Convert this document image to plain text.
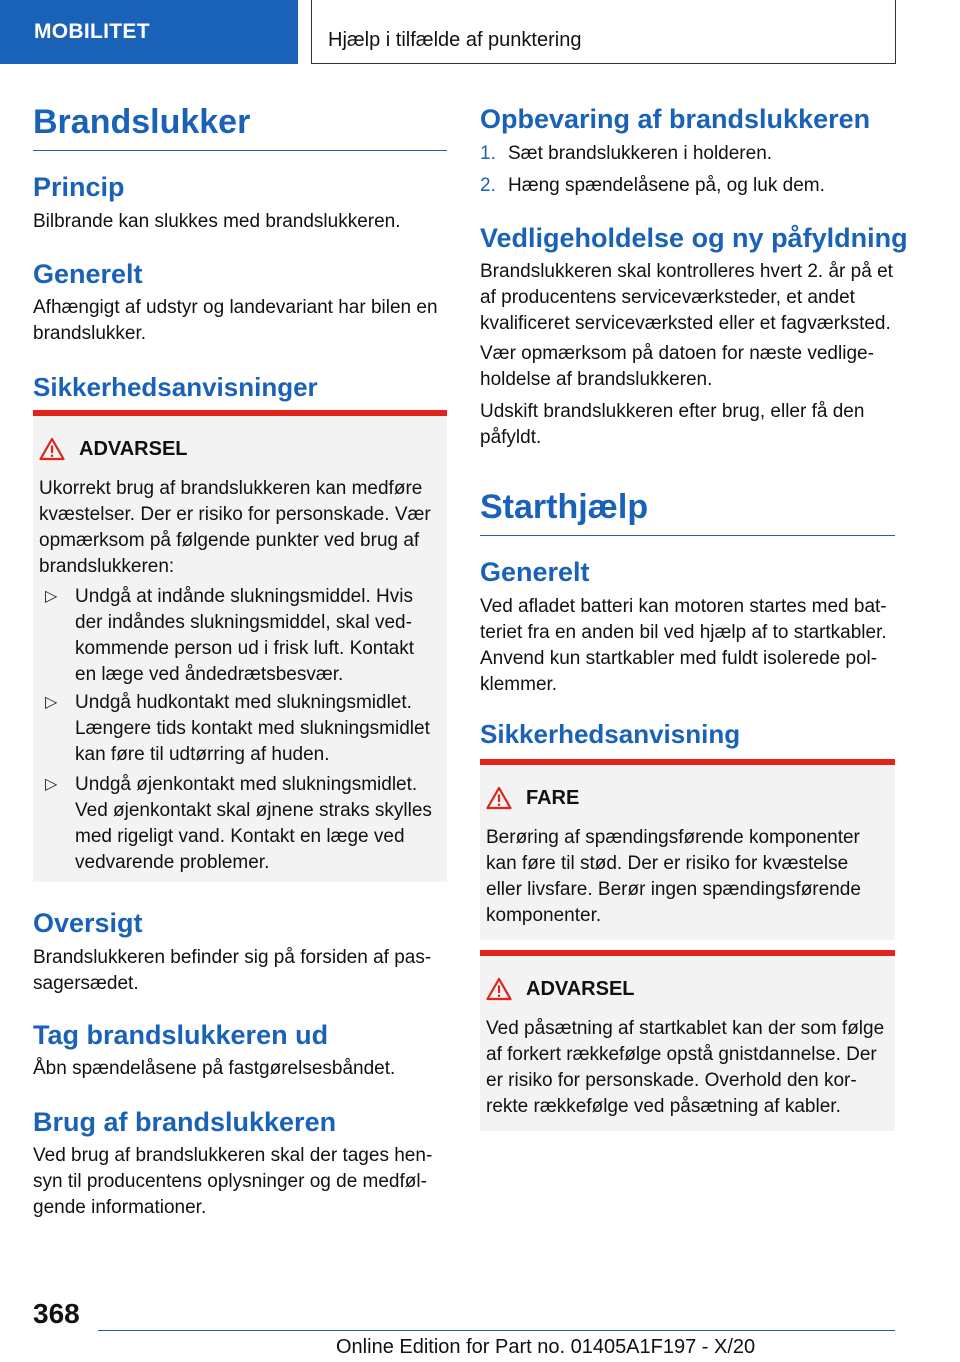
MOBILITET	Hjælp i tilfælde af punktering
Brandslukker
Princip
Bilbrande kan slukkes med brandslukkeren.
Generelt
Afhængigt af udstyr og landevariant har bilen en brandslukker.
Sikkerhedsanvisninger
ADVARSEL
Ukorrekt brug af brandslukkeren kan medføre kvæstelser. Der er risiko for personskade. Vær opmærksom på følgende punkter ved brug af brandslukkeren:
▷ Undgå at indånde slukningsmiddel. Hvis der indåndes slukningsmiddel, skal vedkommende person ud i frisk luft. Kontakt en læge ved åndedrætsbesvær.
▷ Undgå hudkontakt med slukningsmidlet. Længere tids kontakt med slukningsmidlet kan føre til udtørring af huden.
▷ Undgå øjenkontakt med slukningsmidlet. Ved øjenkontakt skal øjnene straks skylles med rigeligt vand. Kontakt en læge ved vedvarende problemer.
Oversigt
Brandslukkeren befinder sig på forsiden af passagersædet.
Tag brandslukkeren ud
Åbn spændelåsene på fastgørelsesbåndet.
Brug af brandslukkeren
Ved brug af brandslukkeren skal der tages hensyn til producentens oplysninger og de medfølgende informationer.
Opbevaring af brandslukkeren
1. Sæt brandslukkeren i holderen.
2. Hæng spændelåsene på, og luk dem.
Vedligeholdelse og ny påfyldning
Brandslukkeren skal kontrolleres hvert 2. år på et af producentens serviceværksteder, et andet kvalificeret serviceværksted eller et fagværksted.
Vær opmærksom på datoen for næste vedligeholdelse af brandslukkeren.
Udskift brandslukkeren efter brug, eller få den påfyldt.
Starthjælp
Generelt
Ved afladet batteri kan motoren startes med batteriet fra en anden bil ved hjælp af to startkabler. Anvend kun startkabler med fuldt isolerede polklemmer.
Sikkerhedsanvisning
FARE
Berøring af spændingsførende komponenter kan føre til stød. Der er risiko for kvæstelse eller livsfare. Berør ingen spændingsførende komponenter.
ADVARSEL
Ved påsætning af startkablet kan der som følge af forkert rækkefølge opstå gnistdannelse. Der er risiko for personskade. Overhold den korrekte rækkefølge ved påsætning af kabler.
368
Online Edition for Part no. 01405A1F197 - X/20
